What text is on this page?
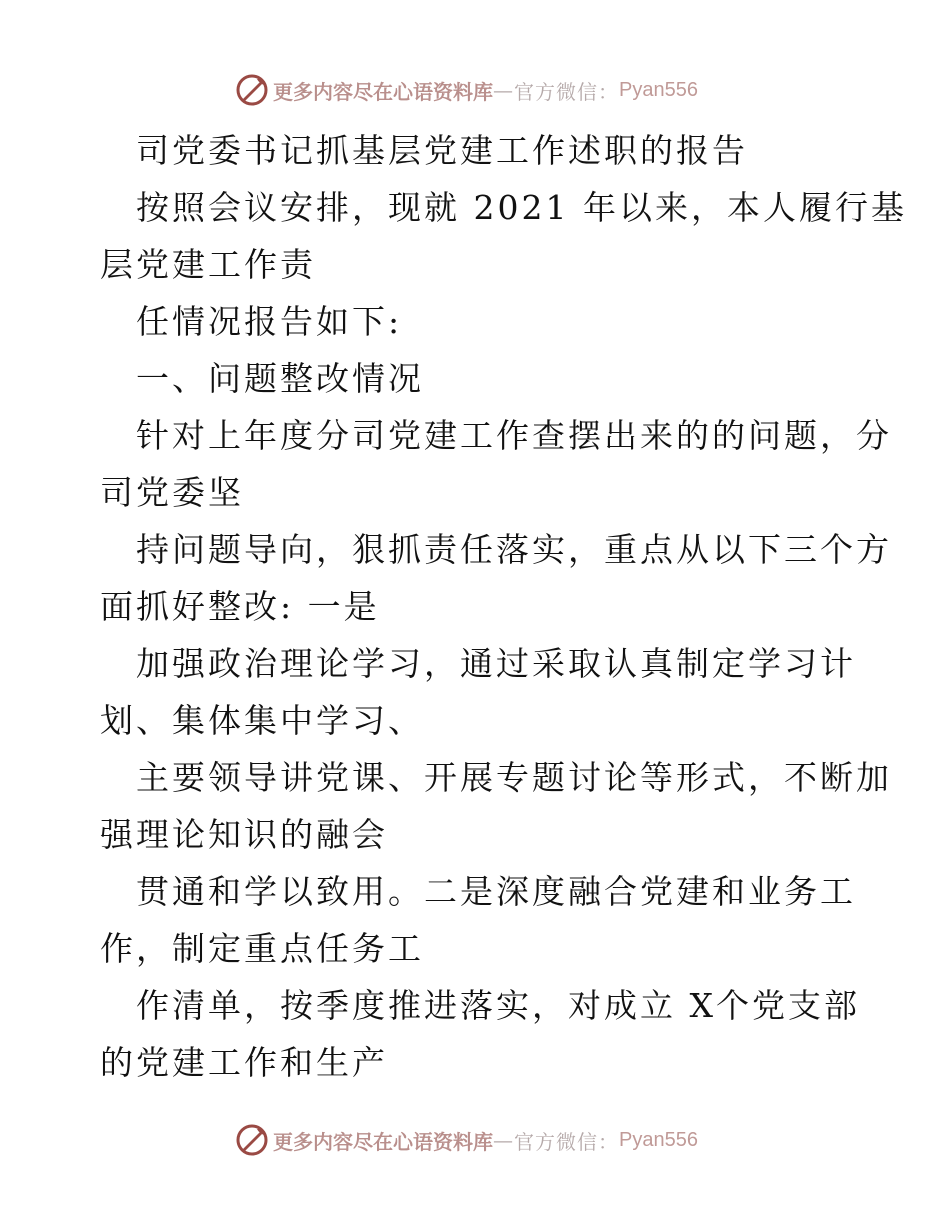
更多内容尽在心语资料库 — 官方微信： Pyan556
司党委书记抓基层党建工作述职的报告
按照会议安排，现就 2021 年以来，本人履行基
层党建工作责
任情况报告如下:
一、问题整改情况
针对上年度分司党建工作查摆出来的的问题，分
司党委坚
持问题导向，狠抓责任落实，重点从以下三个方
面抓好整改: 一是
加强政治理论学习，通过采取认真制定学习计
划、集体集中学习、
主要领导讲党课、开展专题讨论等形式，不断加
强理论知识的融会
贯通和学以致用。二是深度融合党建和业务工
作，制定重点任务工
作清单，按季度推进落实，对成立 X个党支部
的党建工作和生产
更多内容尽在心语资料库 — 官方微信： Pyan556
